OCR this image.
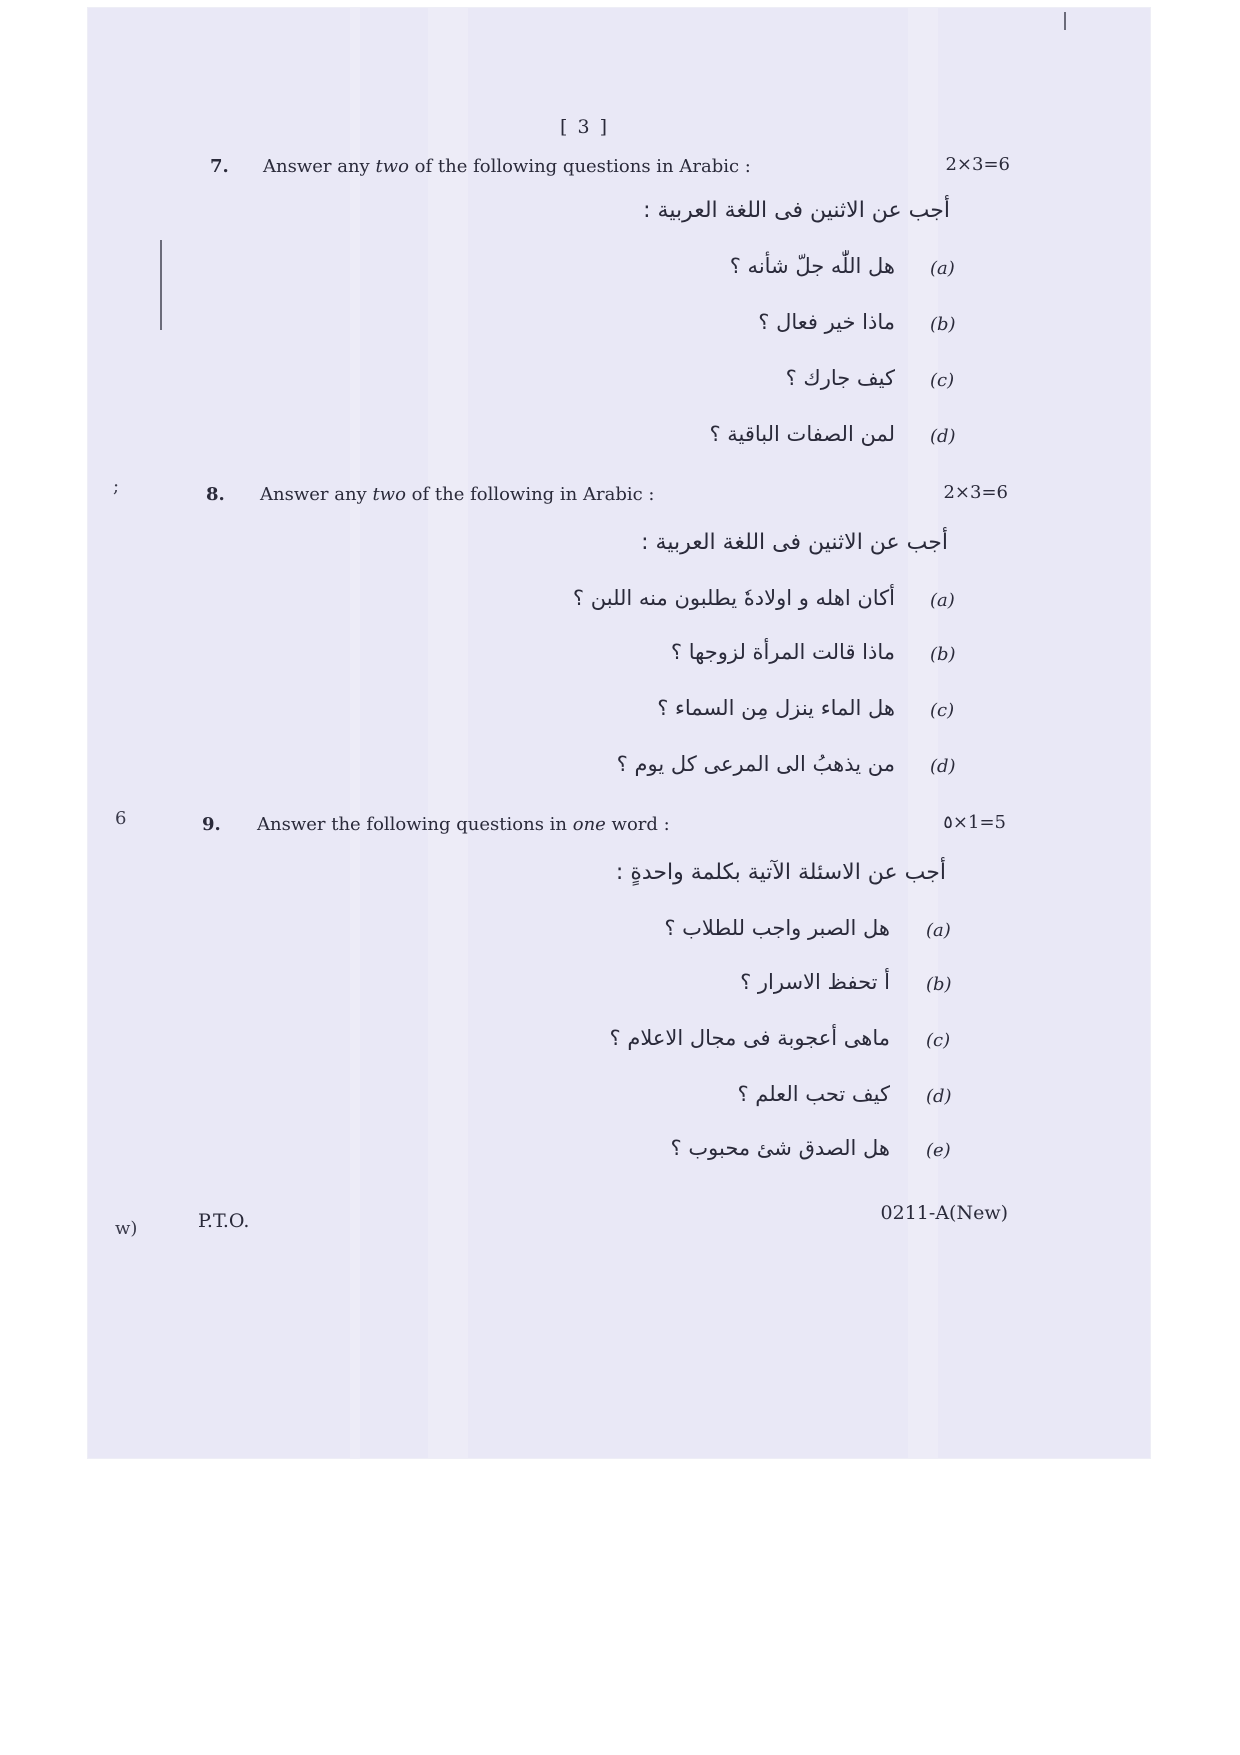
;
6
w)
[ 3 ]
7. Answer any two of the following questions in Arabic :	2×3=6
أجب عن الاثنين فى اللغة العربية :
(a)
هل اللّٰه جلّ شأنه ؟
(b)
ماذا خير فعال ؟
(c)
كيف جارك ؟
(d)
لمن الصفات الباقية ؟
8. Answer any two of the following in Arabic :	2×3=6
أجب عن الاثنين فى اللغة العربية :
(a)
أكان اهله و اولادهٗ يطلبون منه اللبن ؟
(b)
ماذا قالت المرأة لزوجها ؟
(c)
هل الماء ينزل مِن السماء ؟
(d)
من يذهبُ الى المرعى كل يوم ؟
9. Answer the following questions in one word :	٥×1=5
أجب عن الاسئلة الآتية بكلمة واحدةٍ :
(a)
هل الصبر واجب للطلاب ؟
(b)
أ تحفظ الاسرار ؟
(c)
ماهى أعجوبة فى مجال الاعلام ؟
(d)
كيف تحب العلم ؟
(e)
هل الصدق شئ محبوب ؟
P.T.O.	0211-A(New)
